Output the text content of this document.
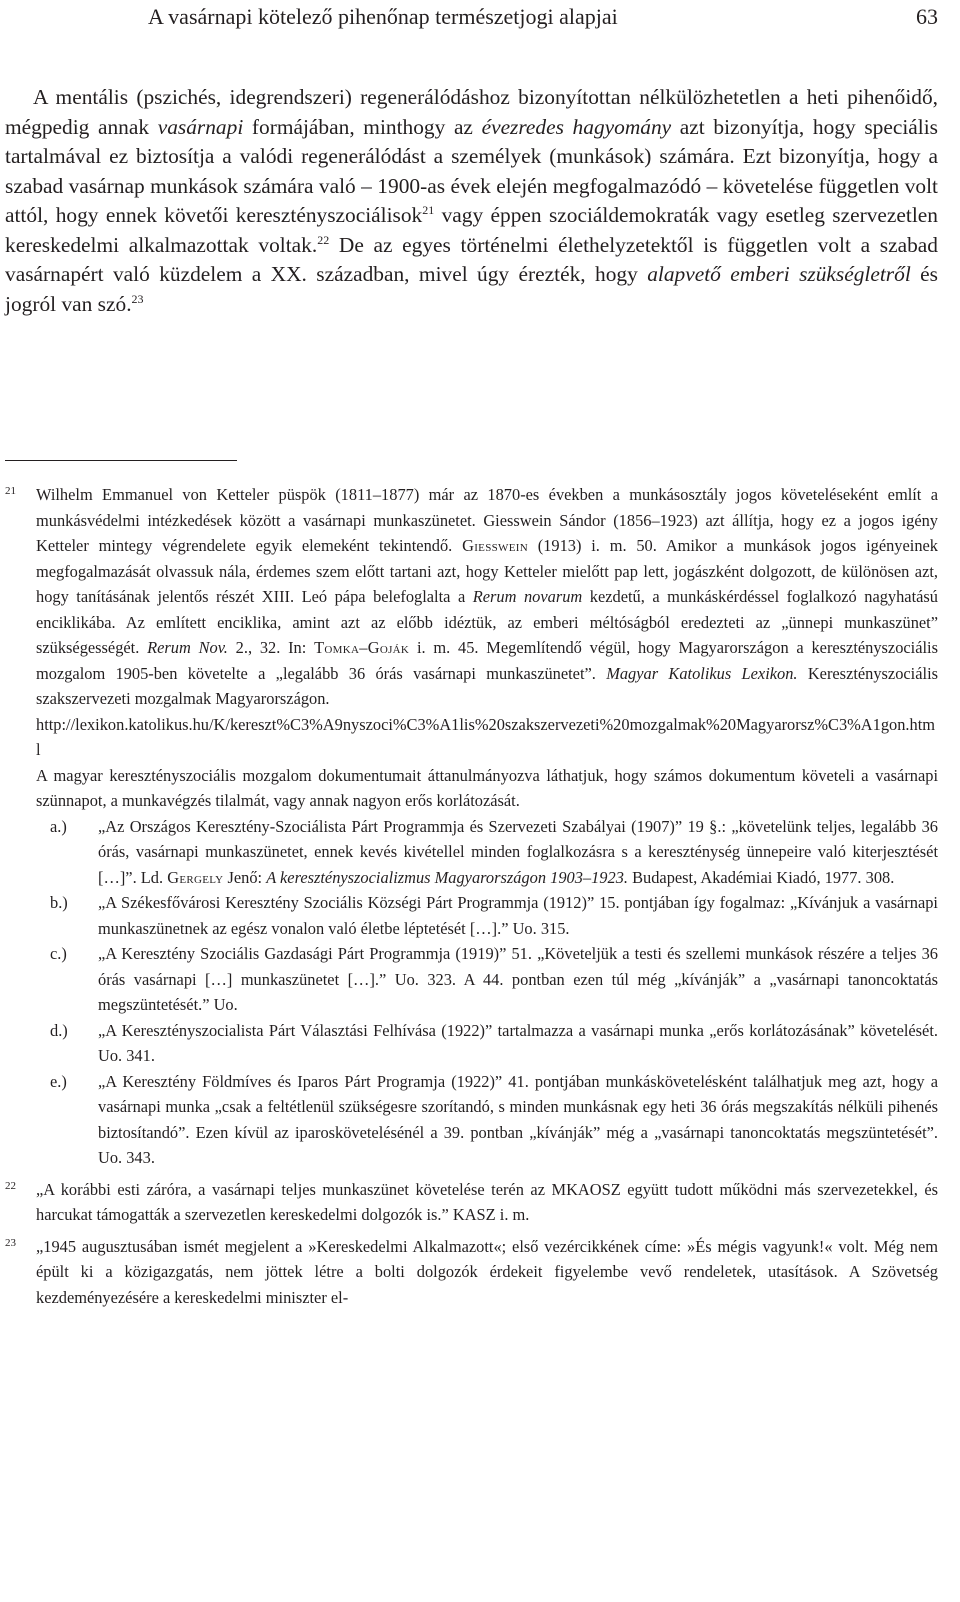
A vasárnapi kötelező pihenőnap természetjogi alapjai	63

A mentális (pszichés, idegrendszeri) regenerálódáshoz bizonyítottan nélkülözhetetlen a heti pihenőidő, mégpedig annak vasárnapi formájában, minthogy az évezredes hagyomány azt bizonyítja, hogy speciális tartalmával ez biztosítja a valódi regenerálódást a személyek (munkások) számára. Ezt bizonyítja, hogy a szabad vasárnap munkások számára való – 1900-as évek elején megfogalmazódó – követelése független volt attól, hogy ennek követői keresztényszociálisok$^{21}$ vagy éppen szociáldemokraták vagy esetleg szervezetlen kereskedelmi alkalmazottak voltak.$^{22}$ De az egyes történelmi élethelyzetektől is független volt a szabad vasárnapért való küzdelem a XX. században, mivel úgy érezték, hogy alapvető emberi szükségletről és jogról van szó.$^{23}$

21 Wilhelm Emmanuel von Ketteler püspök (1811–1877) már az 1870-es években a munkásosztály jogos követeléseként említ a munkásvédelmi intézkedések között a vasárnapi munkaszünetet. Giesswein Sándor (1856–1923) azt állítja, hogy ez a jogos igény Ketteler mintegy végrendelete egyik elemeként tekintendő. Giesswein (1913) i. m. 50. Amikor a munkások jogos igényeinek megfogalmazását olvassuk nála, érdemes szem előtt tartani azt, hogy Ketteler mielőtt pap lett, jogászként dolgozott, de különösen azt, hogy tanításának jelentős részét XIII. Leó pápa belefoglalta a Rerum novarum kezdetű, a munkáskérdéssel foglalkozó nagyhatású enciklikába. Az említett enciklika, amint azt az előbb idéztük, az emberi méltóságból eredezteti az „ünnepi munkaszünet” szükségességét. Rerum Nov. 2., 32. In: Tomka–Goják i. m. 45. Megemlítendő végül, hogy Magyarországon a keresztényszociális mozgalom 1905-ben követelte a „legalább 36 órás vasárnapi munkaszünetet”. Magyar Katolikus Lexikon. Keresztényszociális szakszervezeti mozgalmak Magyarországon.
http://lexikon.katolikus.hu/K/kereszt%C3%A9nyszoci%C3%A1lis%20szakszervezeti%20mozgalmak%20Magyarorsz%C3%A1gon.html

A magyar keresztényszociális mozgalom dokumentumait áttanulmányozva láthatjuk, hogy számos dokumentum követeli a vasárnapi szünnapot, a munkavégzés tilalmát, vagy annak nagyon erős korlátozását.

a.) „Az Országos Keresztény-Szociálista Párt Programmja és Szervezeti Szabályai (1907)” 19 §.: „követelünk teljes, legalább 36 órás, vasárnapi munkaszünetet, ennek kevés kivétellel minden foglalkozásra s a kereszténység ünnepeire való kiterjesztését […]”. Ld. Gergely Jenő: A keresztényszocializmus Magyarországon 1903–1923. Budapest, Akadémiai Kiadó, 1977. 308.
b.) „A Székesfővárosi Keresztény Szociális Községi Párt Programmja (1912)” 15. pontjában így fogalmaz: „Kívánjuk a vasárnapi munkaszünetnek az egész vonalon való életbe léptetését […].” Uo. 315.
c.) „A Keresztény Szociális Gazdasági Párt Programmja (1919)” 51. „Követeljük a testi és szellemi munkások részére a teljes 36 órás vasárnapi […] munkaszünetet […].” Uo. 323. A 44. pontban ezen túl még „kívánják” a „vasárnapi tanoncoktatás megszüntetését.” Uo.
d.) „A Keresztényszocialista Párt Választási Felhívása (1922)” tartalmazza a vasárnapi munka „erős korlátozásának” követelését. Uo. 341.
e.) „A Keresztény Földmíves és Iparos Párt Programja (1922)” 41. pontjában munkáskövetelésként találhatjuk meg azt, hogy a vasárnapi munka „csak a feltétlenül szükségesre szorítandó, s minden munkásnak egy heti 36 órás megszakítás nélküli pihenés biztosítandó”. Ezen kívül az iparoskövetelésénél a 39. pontban „kívánják” még a „vasárnapi tanoncoktatás megszüntetését”. Uo. 343.
22 „A korábbi esti záróra, a vasárnapi teljes munkaszünet követelése terén az MKAOSZ együtt tudott működni más szervezetekkel, és harcukat támogatták a szervezetlen kereskedelmi dolgozók is.” KASZ i. m.

23 „1945 augusztusában ismét megjelent a »Kereskedelmi Alkalmazott«; első vezércikkének címe: »És mégis vagyunk!« volt. Még nem épült ki a közigazgatás, nem jöttek létre a bolti dolgozók érdekeit figyelembe vevő rendeletek, utasítások. A Szövetség kezdeményezésére a kereskedelmi miniszter el-
